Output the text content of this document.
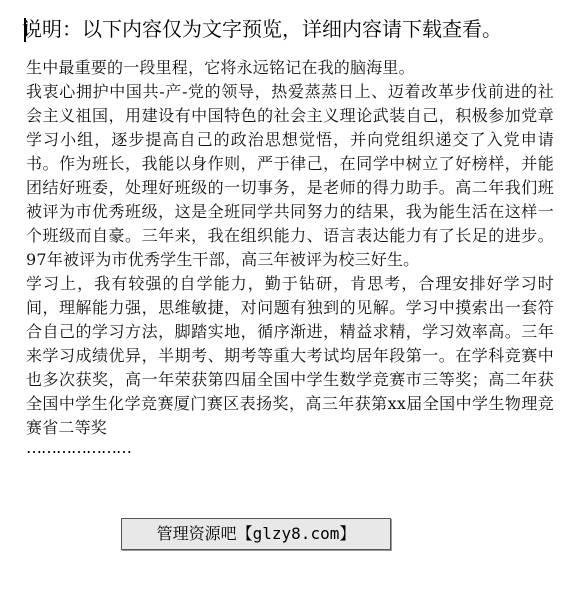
说明：以下内容仅为文字预览，详细内容请下载查看。

生中最重要的一段里程，它将永远铭记在我的脑海里。

我衷心拥护中国共-产-党的领导，热爱蒸蒸日上、迈着改革步伐前进的社会主义祖国，用建设有中国特色的社会主义理论武装自己，积极参加党章学习小组，逐步提高自己的政治思想觉悟，并向党组织递交了入党申请书。作为班长，我能以身作则，严于律己，在同学中树立了好榜样，并能团结好班委，处理好班级的一切事务，是老师的得力助手。高二年我们班被评为市优秀班级，这是全班同学共同努力的结果，我为能生活在这样一个班级而自豪。三年来，我在组织能力、语言表达能力有了长足的进步。97年被评为市优秀学生干部，高三年被评为校三好生。

学习上，我有较强的自学能力，勤于钻研，肯思考，合理安排好学习时间，理解能力强，思维敏捷，对问题有独到的见解。学习中摸索出一套符合自己的学习方法，脚踏实地，循序渐进，精益求精，学习效率高。三年来学习成绩优异，半期考、期考等重大考试均居年段第一。在学科竞赛中也多次获奖，高一年荣获第四届全国中学生数学竞赛市三等奖；高二年获全国中学生化学竞赛厦门赛区表扬奖，高三年获第xx届全国中学生物理竞赛省二等奖

…………………
管理资源吧【glzy8.com】
